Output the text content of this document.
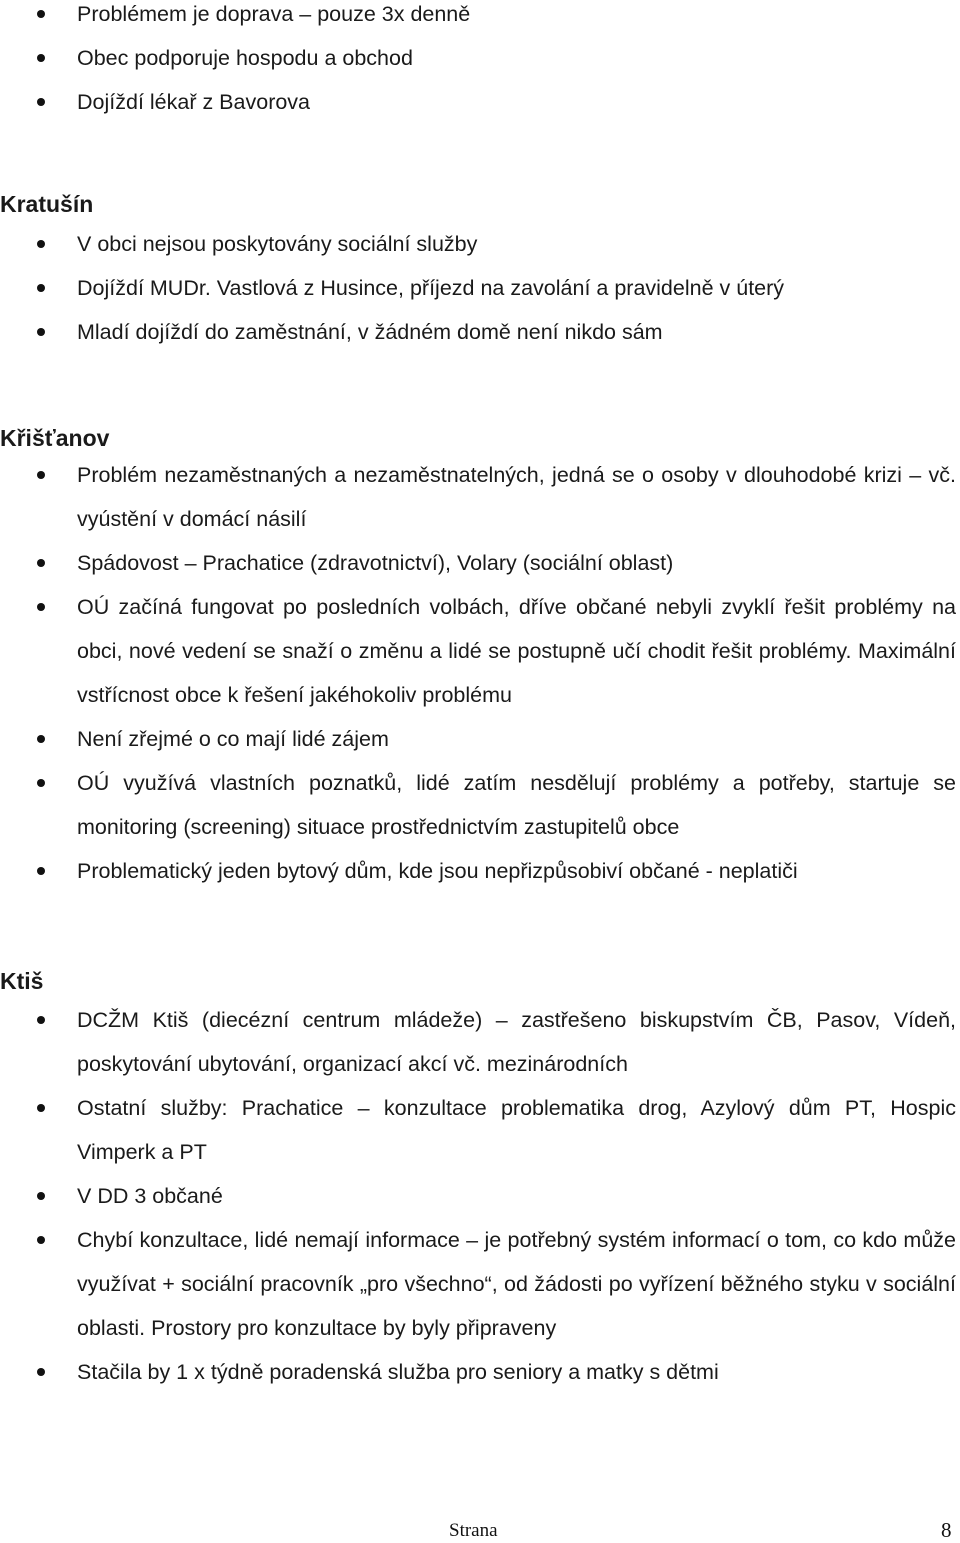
Problémem je doprava – pouze 3x denně
Obec podporuje hospodu a obchod
Dojíždí lékař z Bavorova
Kratušín
V obci nejsou poskytovány sociální služby
Dojíždí MUDr. Vastlová z Husince, příjezd na zavolání a pravidelně v úterý
Mladí dojíždí do zaměstnání, v žádném domě není nikdo sám
Křišťanov
Problém nezaměstnaných a nezaměstnatelných, jedná se o osoby v dlouhodobé krizi – vč. vyústění v domácí násilí
Spádovost – Prachatice (zdravotnictví), Volary (sociální oblast)
OÚ začíná fungovat po posledních volbách, dříve občané nebyli zvyklí řešit problémy na obci, nové vedení se snaží o změnu a lidé se postupně učí chodit řešit problémy. Maximální vstřícnost obce k řešení jakéhokoliv problému
Není zřejmé o co mají lidé zájem
OÚ využívá vlastních poznatků, lidé zatím nesdělují problémy a potřeby, startuje se monitoring (screening) situace prostřednictvím zastupitelů obce
Problematický jeden bytový dům, kde jsou nepřizpůsobiví občané - neplatiči
Ktiš
DCŽM Ktiš (diecézní centrum mládeže) – zastřešeno biskupstvím ČB, Pasov, Vídeň, poskytování ubytování, organizací akcí vč. mezinárodních
Ostatní služby: Prachatice – konzultace problematika drog, Azylový dům PT, Hospic Vimperk a PT
V DD 3 občané
Chybí konzultace, lidé nemají informace – je potřebný systém informací o tom, co kdo může využívat + sociální pracovník „pro všechno“, od žádosti po vyřízení běžného styku v sociální oblasti. Prostory pro konzultace by byly připraveny
Stačila by 1 x týdně poradenská služba pro seniory a matky s dětmi
Strana	8
